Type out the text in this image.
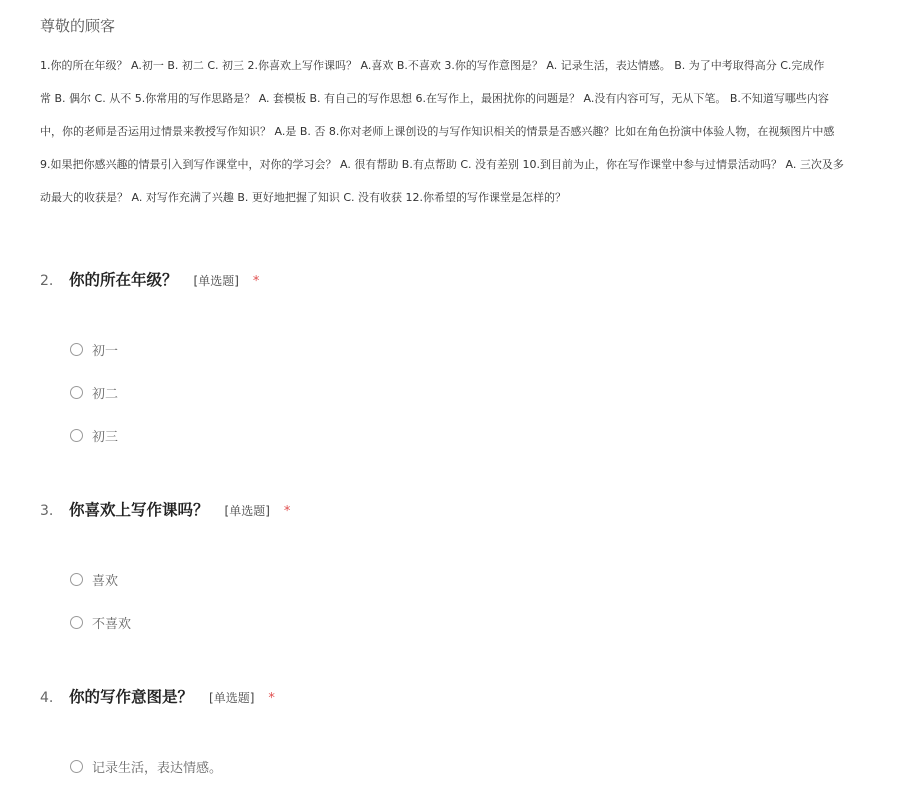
尊敬的顾客
1.你的所在年级？ A.初一 B. 初二 C. 初三 2.你喜欢上写作课吗？ A.喜欢 B.不喜欢 3.你的写作意图是？ A. 记录生活，表达情感。 B. 为了中考取得高分 C.完成作
常 B. 偶尔 C. 从不 5.你常用的写作思路是？ A. 套模板 B. 有自己的写作思想 6.在写作上，最困扰你的问题是？ A.没有内容可写，无从下笔。 B.不知道写哪些内容
中，你的老师是否运用过情景来教授写作知识？ A.是 B. 否 8.你对老师上课创设的与写作知识相关的情景是否感兴趣？比如在角色扮演中体验人物，在视频图片中感
9.如果把你感兴趣的情景引入到写作课堂中，对你的学习会？ A. 很有帮助 B.有点帮助 C. 没有差别 10.到目前为止，你在写作课堂中参与过情景活动吗？ A. 三次及多
动最大的收获是？ A. 对写作充满了兴趣 B. 更好地把握了知识 C. 没有收获 12.你希望的写作课堂是怎样的？
2.	你的所在年级？ [单选题] *
初一
初二
初三
3.	你喜欢上写作课吗？ [单选题] *
喜欢
不喜欢
4.	你的写作意图是？ [单选题] *
记录生活，表达情感。
